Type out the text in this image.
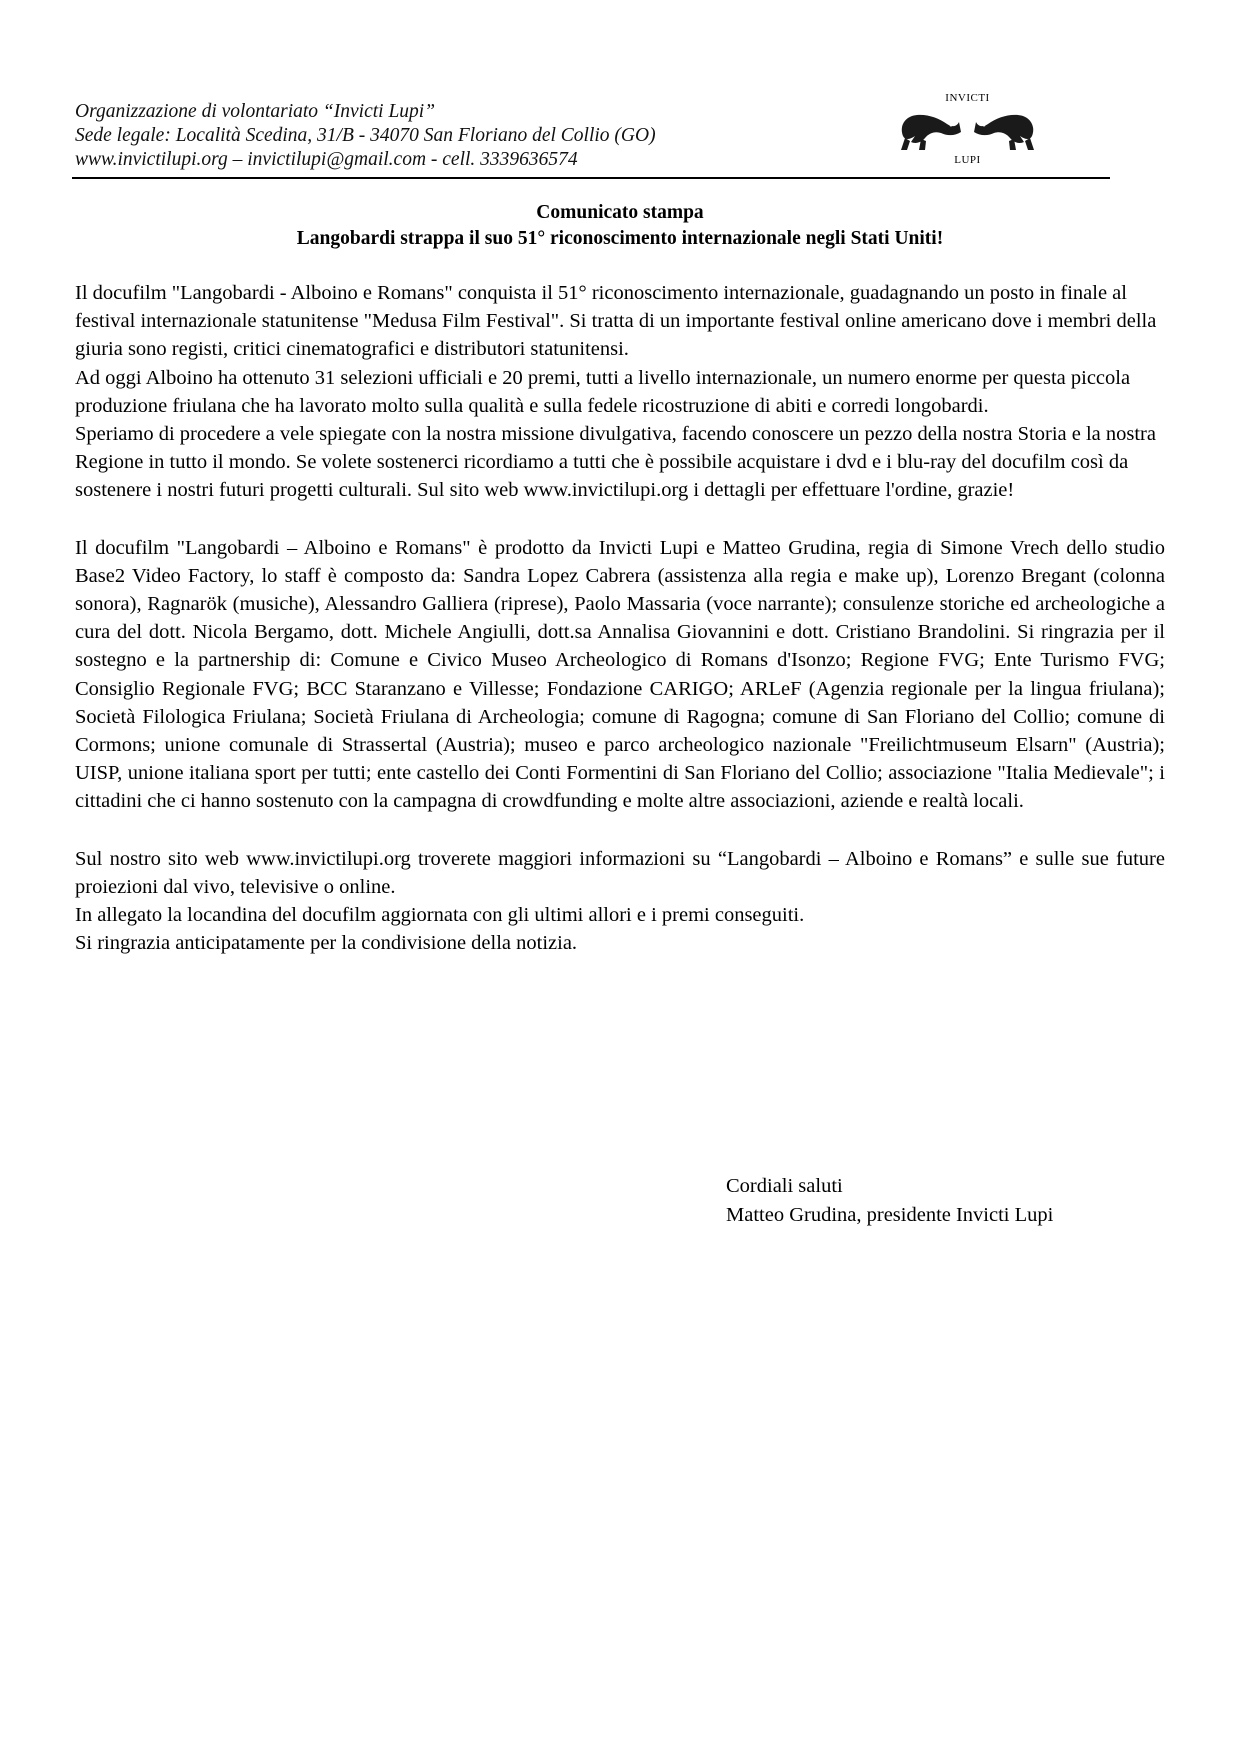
Organizzazione di volontariato “Invicti Lupi”
Sede legale: Località Scedina, 31/B - 34070 San Floriano del Collio (GO)
www.invictilupi.org – invictilupi@gmail.com - cell. 3339636574
INVICTI
LUPI
Comunicato stampa
Langobardi strappa il suo 51° riconoscimento internazionale negli Stati Uniti!

Il docufilm "Langobardi - Alboino e Romans" conquista il 51° riconoscimento internazionale, guadagnando un posto in finale al festival internazionale statunitense "Medusa Film Festival". Si tratta di un importante festival online americano dove i membri della giuria sono registi, critici cinematografici e distributori statunitensi.

Ad oggi Alboino ha ottenuto 31 selezioni ufficiali e 20 premi, tutti a livello internazionale, un numero enorme per questa piccola produzione friulana che ha lavorato molto sulla qualità e sulla fedele ricostruzione di abiti e corredi longobardi.

Speriamo di procedere a vele spiegate con la nostra missione divulgativa, facendo conoscere un pezzo della nostra Storia e la nostra Regione in tutto il mondo. Se volete sostenerci ricordiamo a tutti che è possibile acquistare i dvd e i blu-ray del docufilm così da sostenere i nostri futuri progetti culturali. Sul sito web www.invictilupi.org i dettagli per effettuare l'ordine, grazie!

Il docufilm "Langobardi – Alboino e Romans" è prodotto da Invicti Lupi e Matteo Grudina, regia di Simone Vrech dello studio Base2 Video Factory, lo staff è composto da: Sandra Lopez Cabrera (assistenza alla regia e make up), Lorenzo Bregant (colonna sonora), Ragnarök (musiche), Alessandro Galliera (riprese), Paolo Massaria (voce narrante); consulenze storiche ed archeologiche a cura del dott. Nicola Bergamo, dott. Michele Angiulli, dott.sa Annalisa Giovannini e dott. Cristiano Brandolini. Si ringrazia per il sostegno e la partnership di: Comune e Civico Museo Archeologico di Romans d'Isonzo; Regione FVG; Ente Turismo FVG; Consiglio Regionale FVG; BCC Staranzano e Villesse; Fondazione CARIGO; ARLeF (Agenzia regionale per la lingua friulana); Società Filologica Friulana; Società Friulana di Archeologia; comune di Ragogna; comune di San Floriano del Collio; comune di Cormons; unione comunale di Strassertal (Austria); museo e parco archeologico nazionale "Freilichtmuseum Elsarn" (Austria); UISP, unione italiana sport per tutti; ente castello dei Conti Formentini di San Floriano del Collio; associazione "Italia Medievale"; i cittadini che ci hanno sostenuto con la campagna di crowdfunding e molte altre associazioni, aziende e realtà locali.

Sul nostro sito web www.invictilupi.org troverete maggiori informazioni su “Langobardi – Alboino e Romans” e sulle sue future proiezioni dal vivo, televisive o online.

In allegato la locandina del docufilm aggiornata con gli ultimi allori e i premi conseguiti.

Si ringrazia anticipatamente per la condivisione della notizia.

Cordiali saluti
Matteo Grudina, presidente Invicti Lupi
